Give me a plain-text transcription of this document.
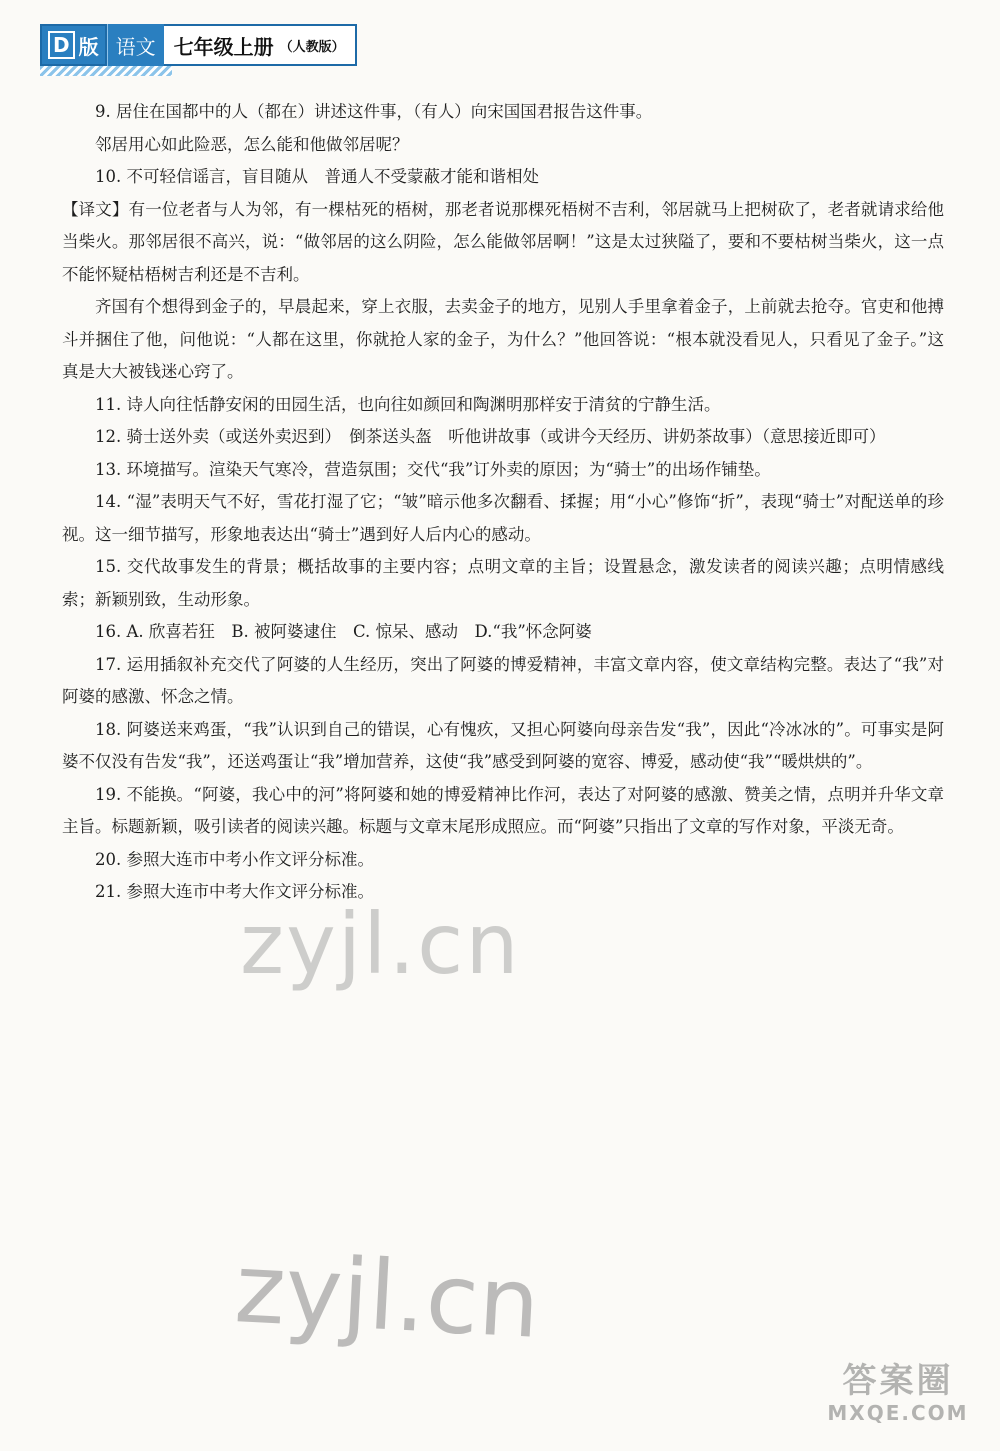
D 版 语文 七年级上册 （人教版）

9. 居住在国都中的人（都在）讲述这件事，（有人）向宋国国君报告这件事。

邻居用心如此险恶，怎么能和他做邻居呢？

10. 不可轻信谣言，盲目随从　普通人不受蒙蔽才能和谐相处

【译文】有一位老者与人为邻，有一棵枯死的梧树，那老者说那棵死梧树不吉利，邻居就马上把树砍了，老者就请求给他当柴火。那邻居很不高兴，说：“做邻居的这么阴险，怎么能做邻居啊！”这是太过狭隘了，要和不要枯树当柴火，这一点不能怀疑枯梧树吉利还是不吉利。

齐国有个想得到金子的，早晨起来，穿上衣服，去卖金子的地方，见别人手里拿着金子，上前就去抢夺。官吏和他搏斗并捆住了他，问他说：“人都在这里，你就抢人家的金子，为什么？”他回答说：“根本就没看见人，只看见了金子。”这真是大大被钱迷心窍了。

11. 诗人向往恬静安闲的田园生活，也向往如颜回和陶渊明那样安于清贫的宁静生活。

12. 骑士送外卖（或送外卖迟到）　倒茶送头盔　听他讲故事（或讲今天经历、讲奶茶故事）（意思接近即可）

13. 环境描写。渲染天气寒冷，营造氛围；交代“我”订外卖的原因；为“骑士”的出场作铺垫。

14. “湿”表明天气不好，雪花打湿了它；“皱”暗示他多次翻看、揉握；用“小心”修饰“折”，表现“骑士”对配送单的珍视。这一细节描写，形象地表达出“骑士”遇到好人后内心的感动。

15. 交代故事发生的背景；概括故事的主要内容；点明文章的主旨；设置悬念，激发读者的阅读兴趣；点明情感线索；新颖别致，生动形象。

16. A. 欣喜若狂　B. 被阿婆逮住　C. 惊呆、感动　D.“我”怀念阿婆

17. 运用插叙补充交代了阿婆的人生经历，突出了阿婆的博爱精神，丰富文章内容，使文章结构完整。表达了“我”对阿婆的感激、怀念之情。

18. 阿婆送来鸡蛋，“我”认识到自己的错误，心有愧疚，又担心阿婆向母亲告发“我”，因此“冷冰冰的”。可事实是阿婆不仅没有告发“我”，还送鸡蛋让“我”增加营养，这使“我”感受到阿婆的宽容、博爱，感动使“我”“暖烘烘的”。

19. 不能换。“阿婆，我心中的河”将阿婆和她的博爱精神比作河，表达了对阿婆的感激、赞美之情，点明并升华文章主旨。标题新颖，吸引读者的阅读兴趣。标题与文章末尾形成照应。而“阿婆”只指出了文章的写作对象，平淡无奇。

20. 参照大连市中考小作文评分标准。

21. 参照大连市中考大作文评分标准。

zyjl.cn
zyjl.cn
答案圈
MXQE.COM
